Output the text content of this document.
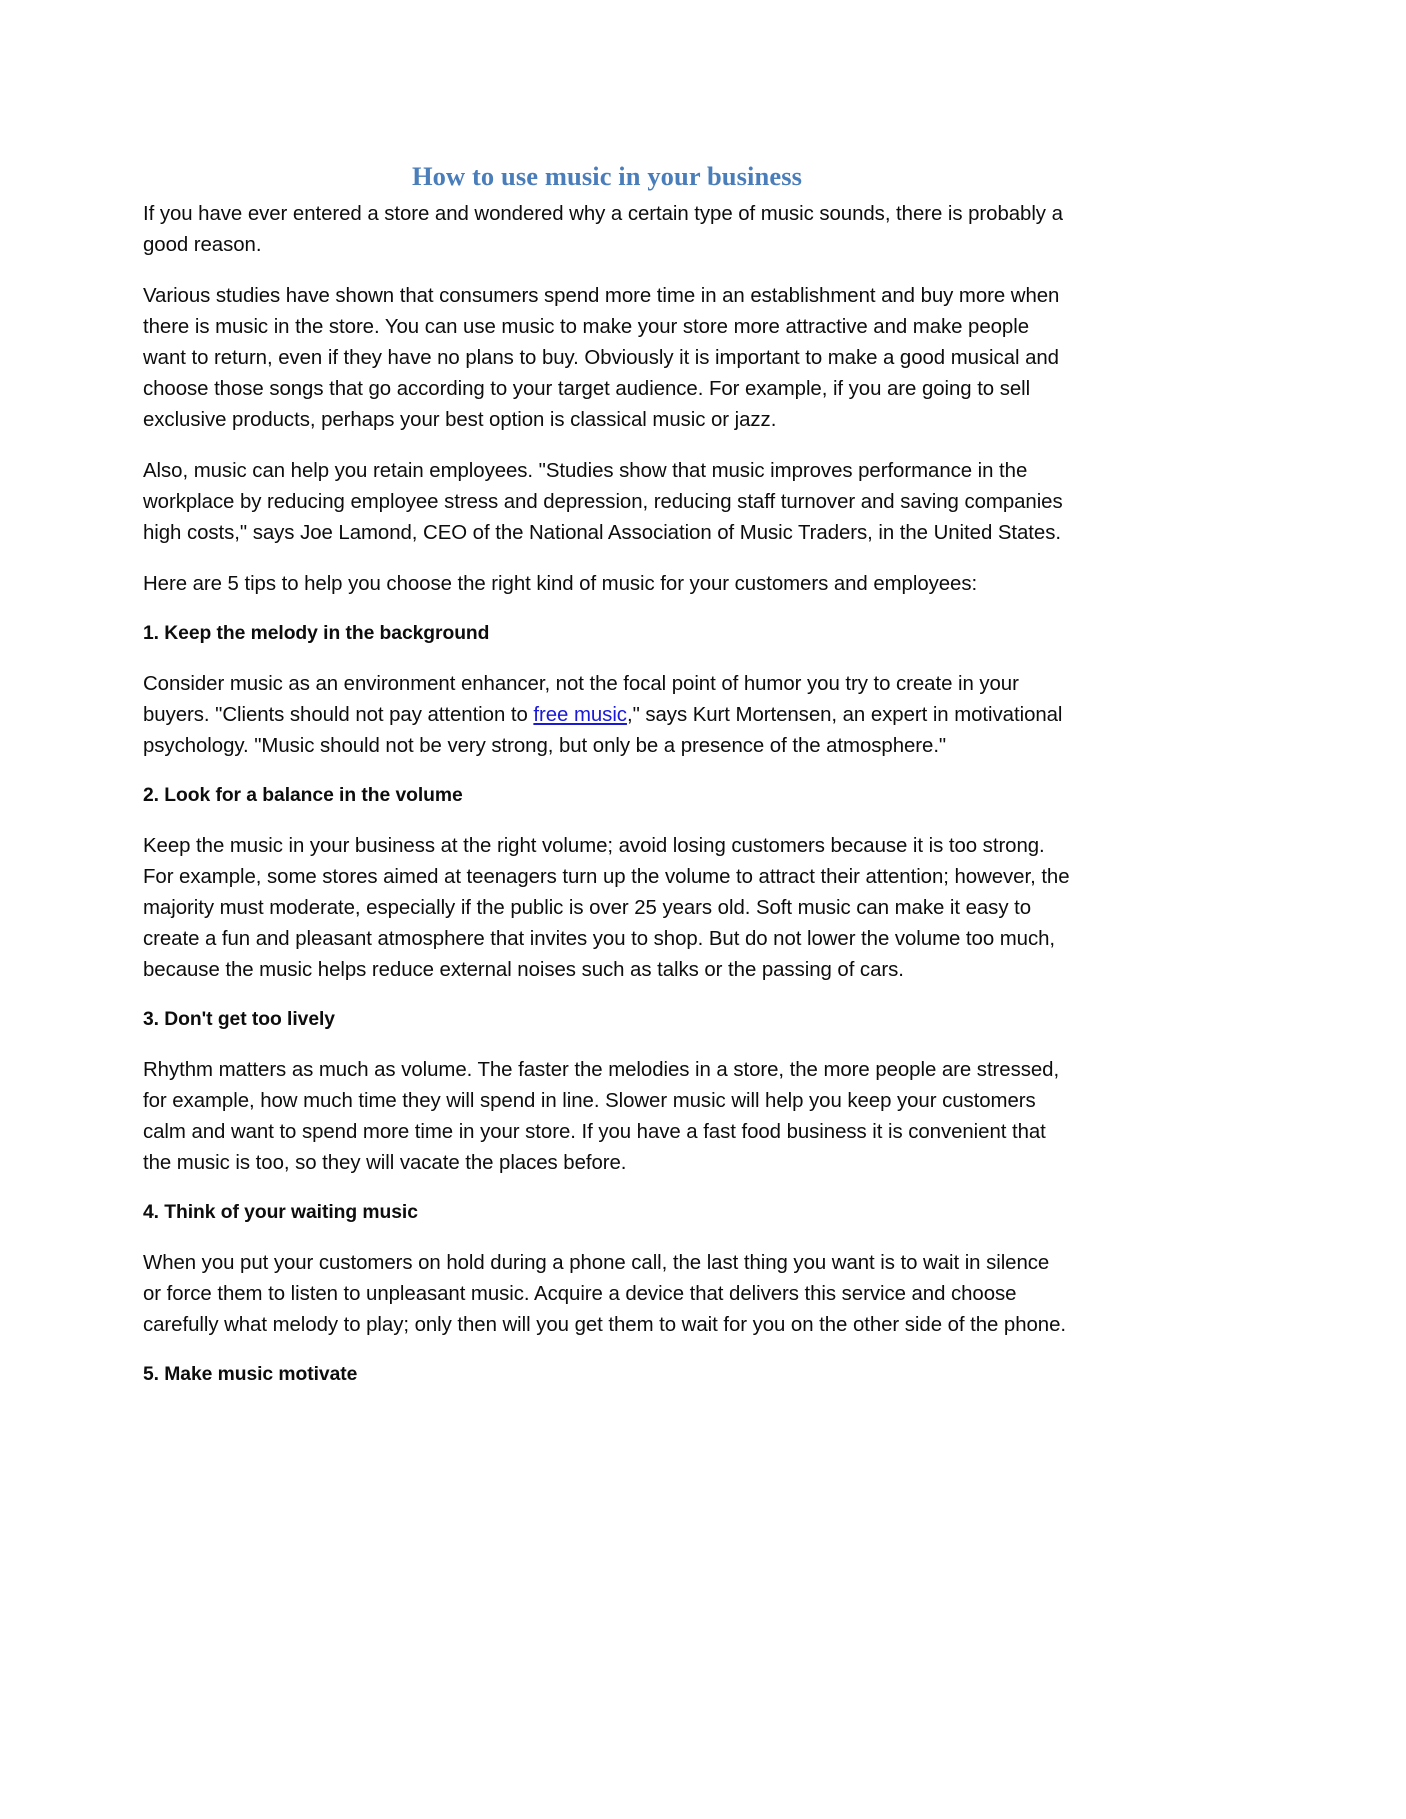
How to use music in your business

If you have ever entered a store and wondered why a certain type of music sounds, there is probably a good reason.

Various studies have shown that consumers spend more time in an establishment and buy more when there is music in the store. You can use music to make your store more attractive and make people want to return, even if they have no plans to buy. Obviously it is important to make a good musical and choose those songs that go according to your target audience. For example, if you are going to sell exclusive products, perhaps your best option is classical music or jazz.

Also, music can help you retain employees. "Studies show that music improves performance in the workplace by reducing employee stress and depression, reducing staff turnover and saving companies high costs," says Joe Lamond, CEO of the National Association of Music Traders, in the United States.

Here are 5 tips to help you choose the right kind of music for your customers and employees:

1. Keep the melody in the background

Consider music as an environment enhancer, not the focal point of humor you try to create in your buyers. "Clients should not pay attention to free music," says Kurt Mortensen, an expert in motivational psychology. "Music should not be very strong, but only be a presence of the atmosphere."

2. Look for a balance in the volume

Keep the music in your business at the right volume; avoid losing customers because it is too strong. For example, some stores aimed at teenagers turn up the volume to attract their attention; however, the majority must moderate, especially if the public is over 25 years old. Soft music can make it easy to create a fun and pleasant atmosphere that invites you to shop. But do not lower the volume too much, because the music helps reduce external noises such as talks or the passing of cars.

3. Don't get too lively

Rhythm matters as much as volume. The faster the melodies in a store, the more people are stressed, for example, how much time they will spend in line. Slower music will help you keep your customers calm and want to spend more time in your store. If you have a fast food business it is convenient that the music is too, so they will vacate the places before.

4. Think of your waiting music

When you put your customers on hold during a phone call, the last thing you want is to wait in silence or force them to listen to unpleasant music. Acquire a device that delivers this service and choose carefully what melody to play; only then will you get them to wait for you on the other side of the phone.

5. Make music motivate
